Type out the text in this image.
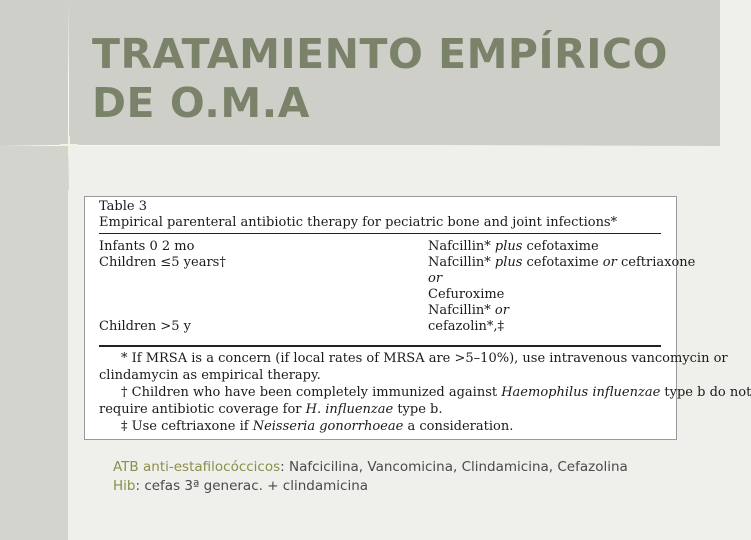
TRATAMIENTO EMPÍRICO
DE O.M.A
Table 3
Empirical parenteral antibiotic therapy for peciatric bone and joint infections*
Infants 0 2 mo
Children ≤5 years†
Children >5 y
Nafcillin* plus cefotaxime
Nafcillin* plus cefotaxime or ceftriaxone
or
Cefuroxime
Nafcillin* or
cefazolin*,‡
* If MRSA is a concern (if local rates of MRSA are >5–10%), use intravenous vancomycin or
clindamycin as empirical therapy.
† Children who have been completely immunized against Haemophilus influenzae type b do not
require antibiotic coverage for H. influenzae type b.
‡ Use ceftriaxone if Neisseria gonorrhoeae a consideration.
ATB anti-estafilocóccicos: Nafcicilina, Vancomicina, Clindamicina, Cefazolina
Hib: cefas 3ª generac. + clindamicina
